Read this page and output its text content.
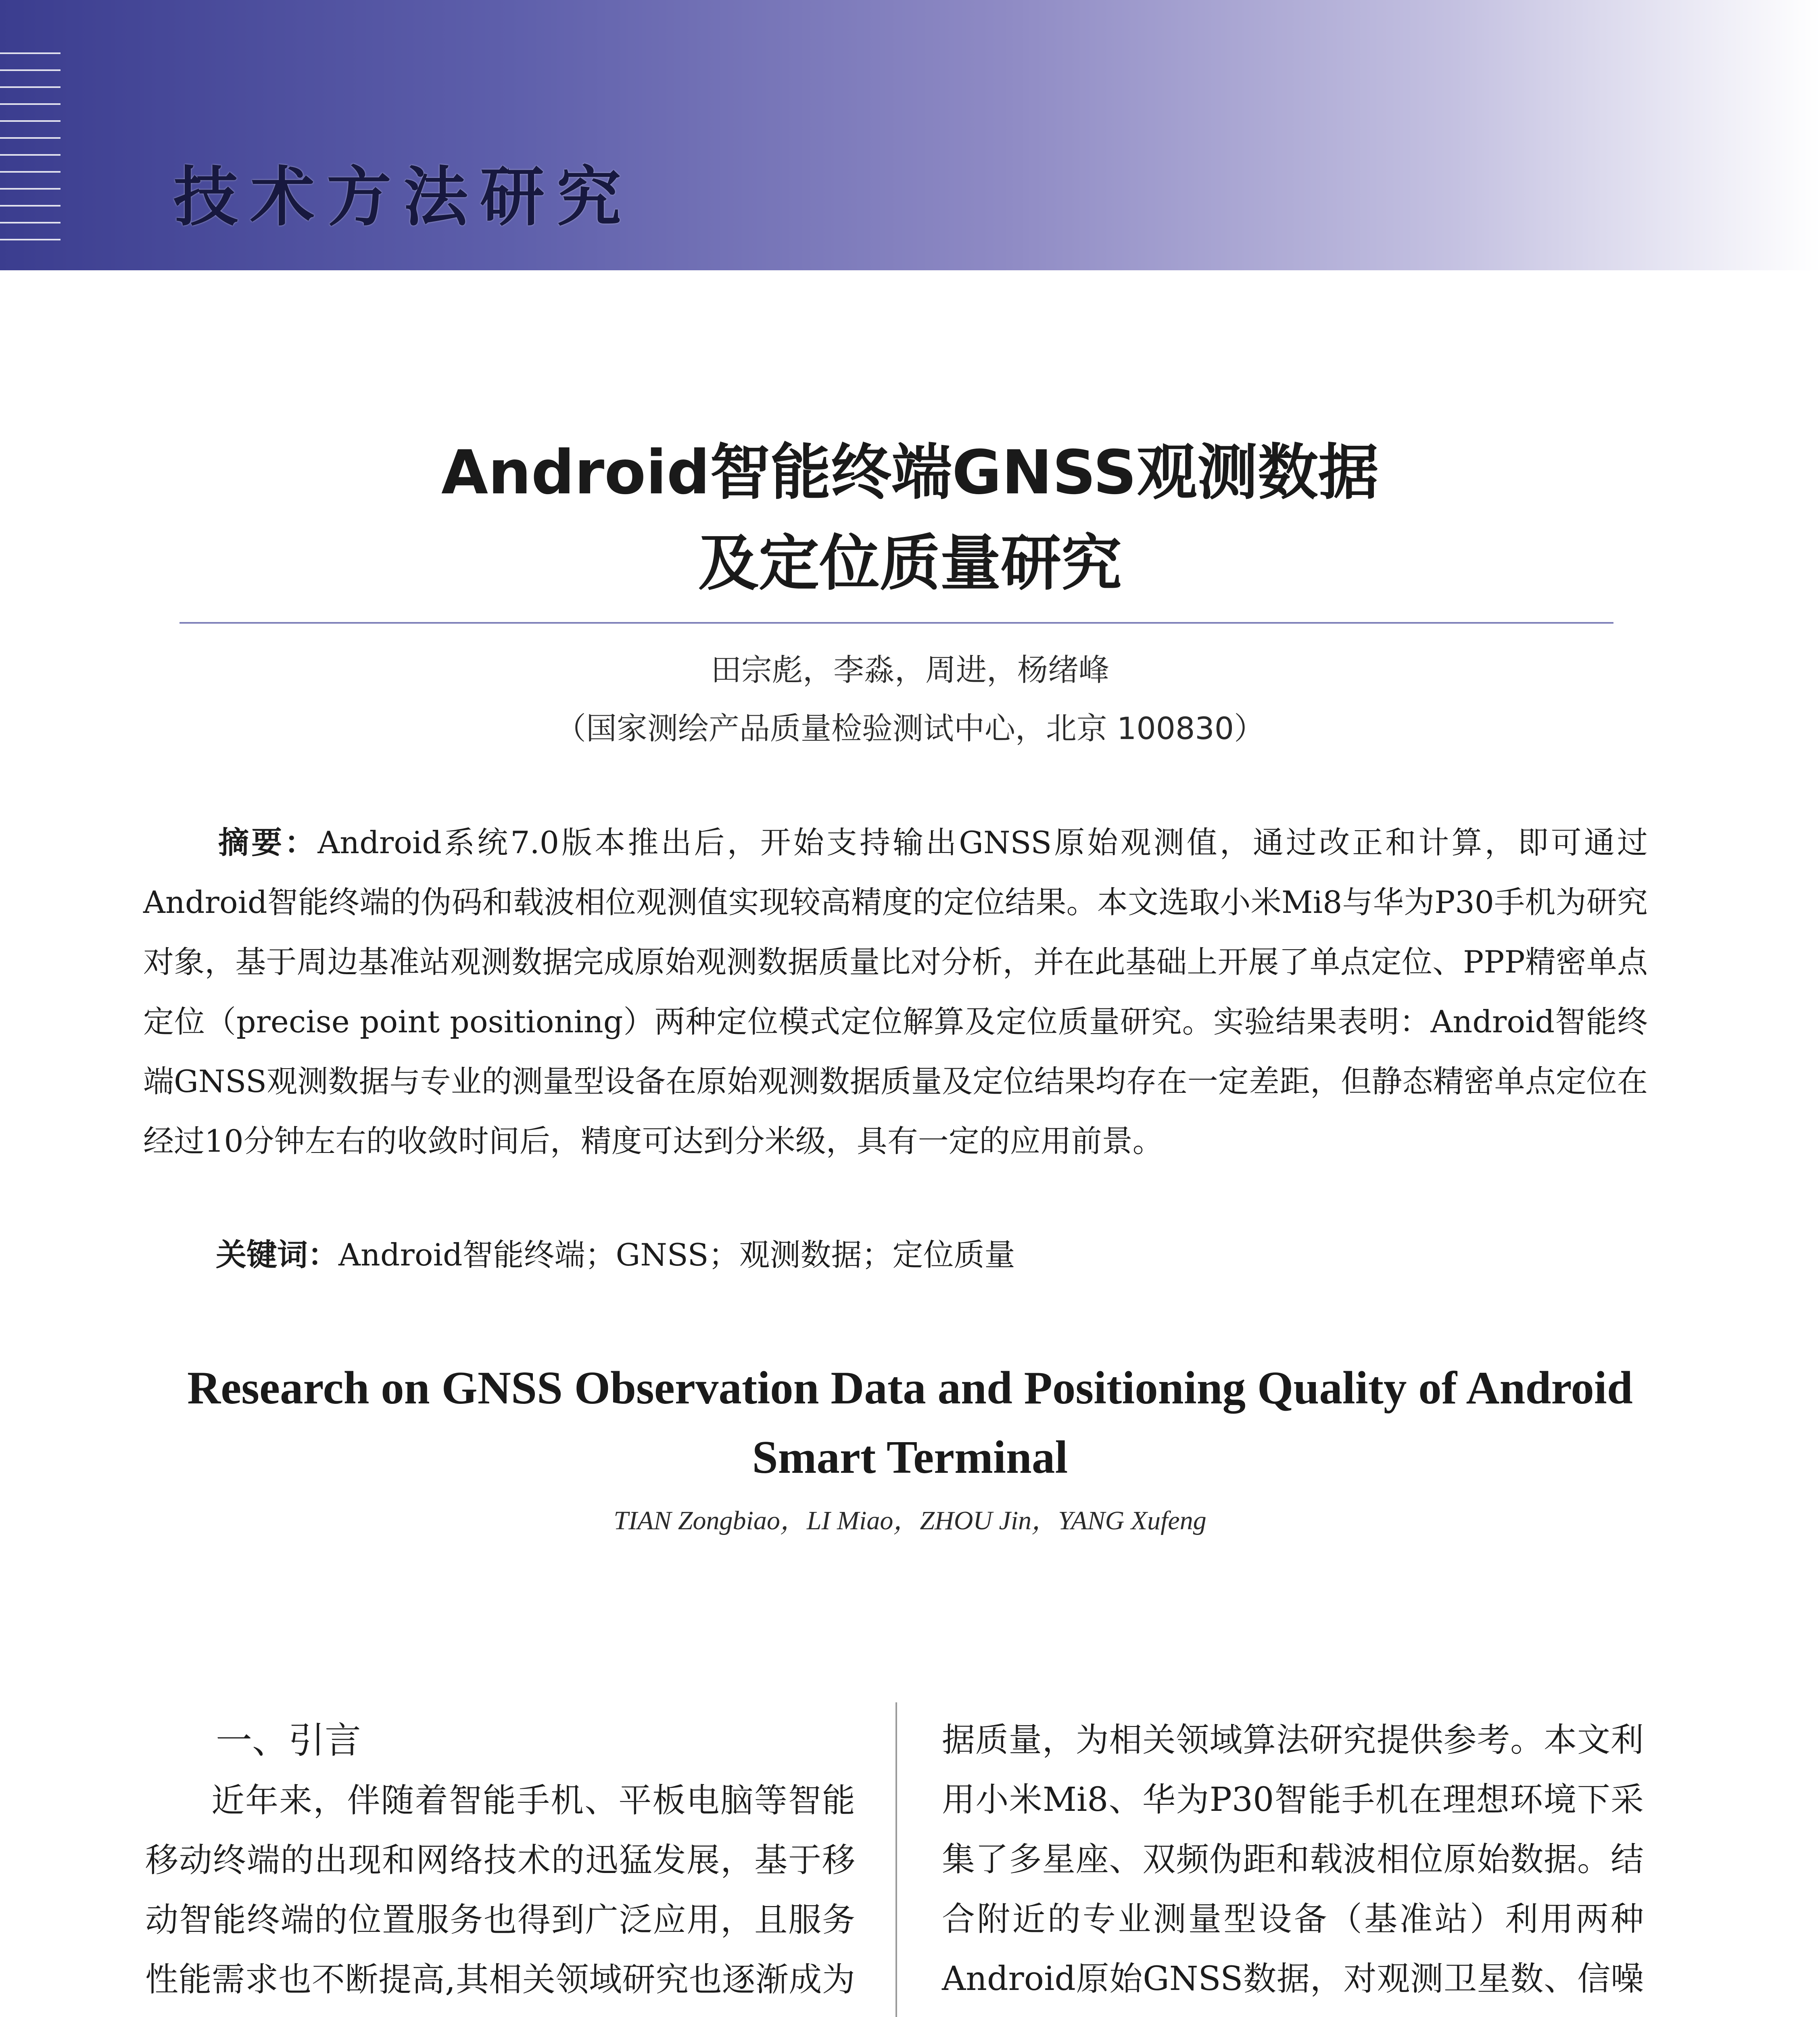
技术方法研究
Android智能终端GNSS观测数据
及定位质量研究
田宗彪，李淼，周进，杨绪峰
（国家测绘产品质量检验测试中心，北京 100830）

摘要：Android系统7.0版本推出后，开始支持输出GNSS原始观测值，通过改正和计算，即可通过Android智能终端的伪码和载波相位观测值实现较高精度的定位结果。本文选取小米Mi8与华为P30手机为研究对象，基于周边基准站观测数据完成原始观测数据质量比对分析，并在此基础上开展了单点定位、PPP精密单点定位（precise point positioning）两种定位模式定位解算及定位质量研究。实验结果表明：Android智能终端GNSS观测数据与专业的测量型设备在原始观测数据质量及定位结果均存在一定差距，但静态精密单点定位在经过10分钟左右的收敛时间后，精度可达到分米级，具有一定的应用前景。

关键词：Android智能终端；GNSS；观测数据；定位质量

Research on GNSS Observation Data and Positioning Quality of Android Smart Terminal
TIAN Zongbiao，LI Miao，ZHOU Jin，YANG Xufeng

一、引言

近年来，伴随着智能手机、平板电脑等智能移动终端的出现和网络技术的迅猛发展，基于移动智能终端的位置服务也得到广泛应用，且服务性能需求也不断提高,其相关领域研究也逐渐成为

据质量，为相关领域算法研究提供参考。本文利用小米Mi8、华为P30智能手机在理想环境下采集了多星座、双频伪距和载波相位原始数据。结合附近的专业测量型设备（基准站）利用两种Android原始GNSS数据，对观测卫星数、信噪
